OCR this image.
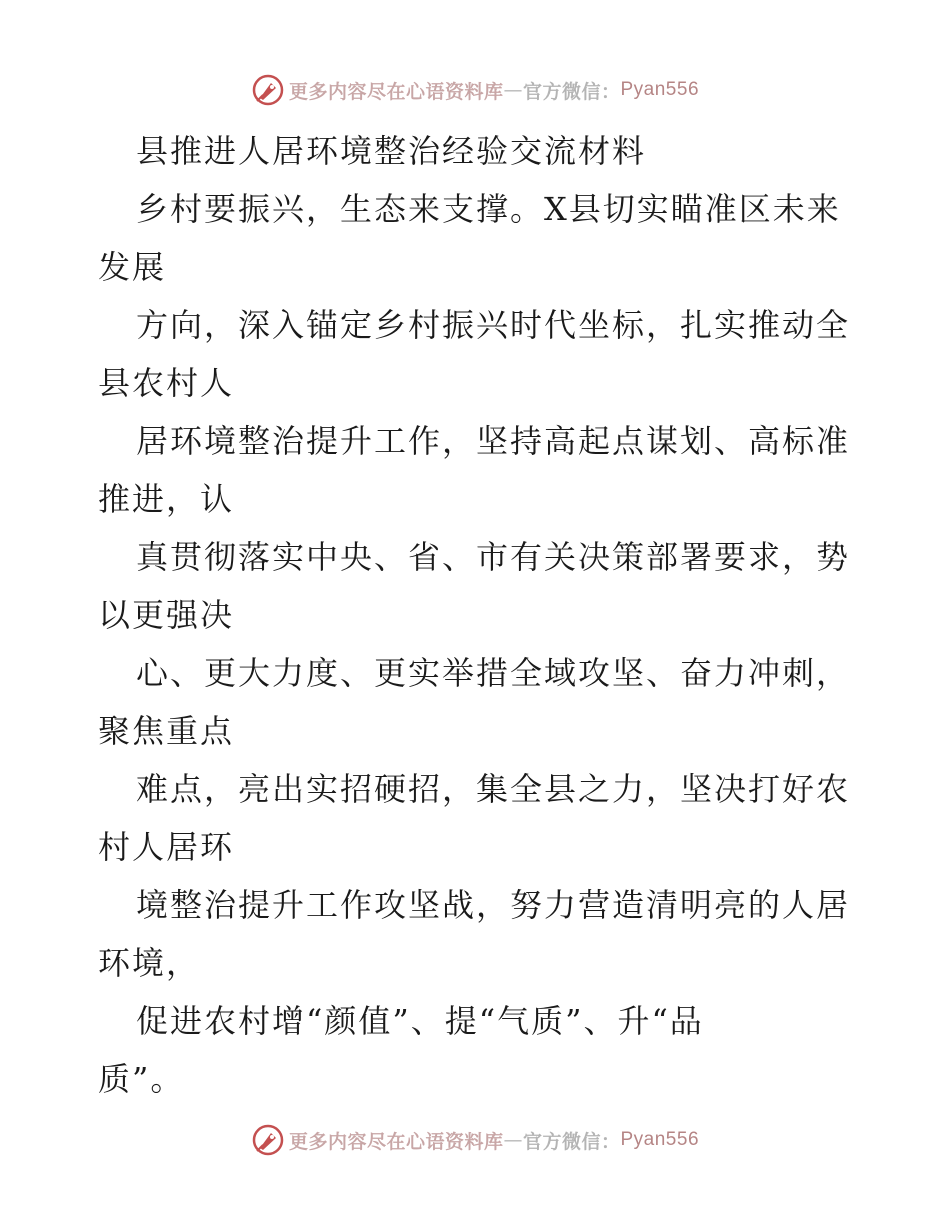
更多内容尽在心语资料库 — 官方微信： Pyan556
县推进人居环境整治经验交流材料
乡村要振兴，生态来支撑。X县切实瞄准区未来
发展
方向，深入锚定乡村振兴时代坐标，扎实推动全
县农村人
居环境整治提升工作，坚持高起点谋划、高标准
推进，认
真贯彻落实中央、省、市有关决策部署要求，势
以更强决
心、更大力度、更实举措全域攻坚、奋力冲刺，
聚焦重点
难点，亮出实招硬招，集全县之力，坚决打好农
村人居环
境整治提升工作攻坚战，努力营造清明亮的人居
环境，
促进农村增“颜值”、提“气质”、升“品
质”。
更多内容尽在心语资料库 — 官方微信： Pyan556
